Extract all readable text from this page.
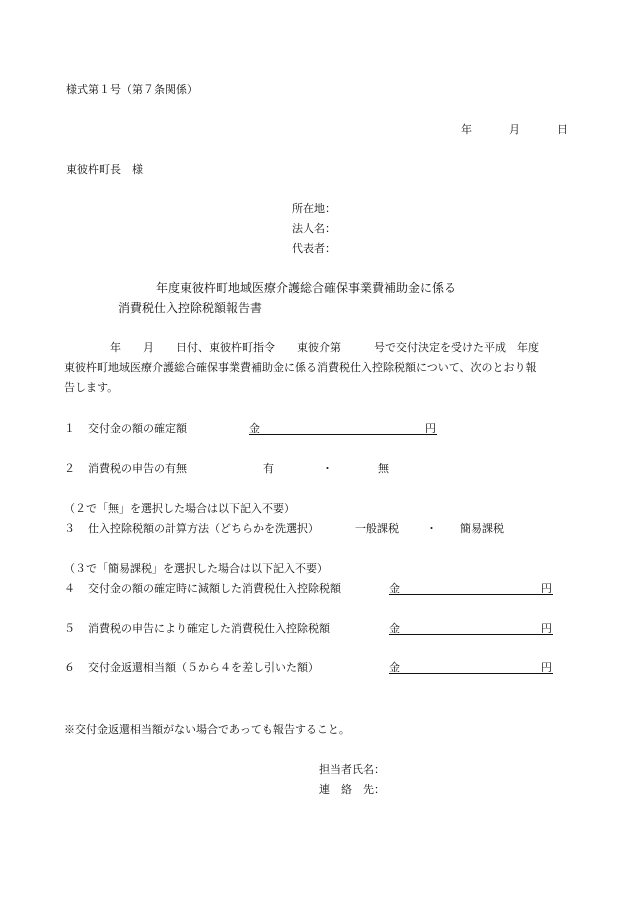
様式第１号（第７条関係）
年	月	日
東彼杵町長　様
所在地：
法人名：
代表者：
年度東彼杵町地域医療介護総合確保事業費補助金に係る
消費税仕入控除税額報告書
年　　月　　日付、東彼杵町指令　　東彼介第　　　号で交付決定を受けた平成　年度
東彼杵町地域医療介護総合確保事業費補助金に係る消費税仕入控除税額について、次のとおり報
告します。
１ 交付金の額の確定額	金	円
２ 消費税の申告の有無	有	・	無
（２で「無」を選択した場合は以下記入不要）
３ 仕入控除税額の計算方法（どちらかを洗選択）	一般課税 ・ 簡易課税
（３で「簡易課税」を選択した場合は以下記入不要）
４ 交付金の額の確定時に減額した消費税仕入控除税額	金	円
５ 消費税の申告により確定した消費税仕入控除税額	金	円
６ 交付金返還相当額（５から４を差し引いた額）	金	円
※交付金返還相当額がない場合であっても報告すること。
担当者氏名：
連　絡　先：
